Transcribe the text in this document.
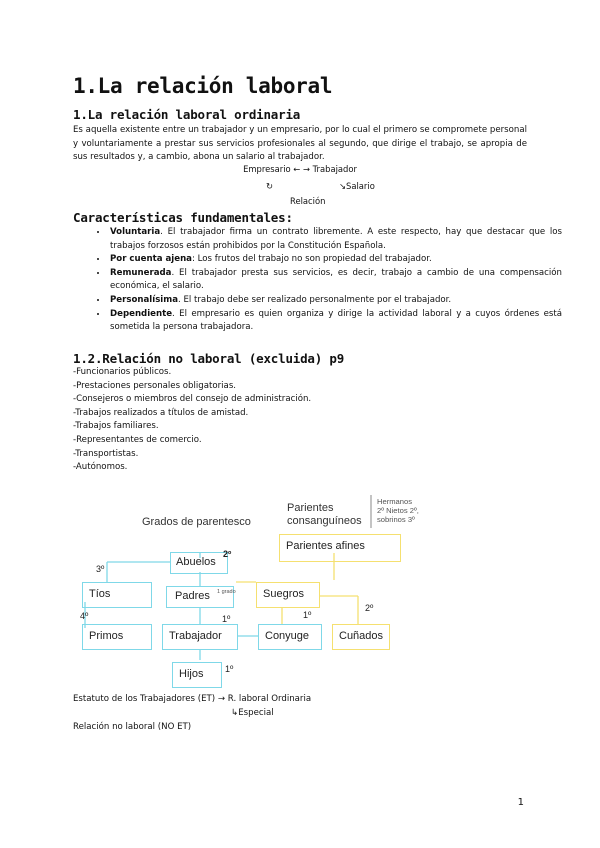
1.La relación laboral
1.La relación laboral ordinaria
Es aquella existente entre un trabajador y un empresario, por lo cual el primero se compromete personal y voluntariamente a prestar sus servicios profesionales al segundo, que dirige el trabajo, se apropia de sus resultados y, a cambio, abona un salario al trabajador.
Empresario ← → Trabajador
↻	↘Salario
Relación
Características fundamentales:
• Voluntaria. El trabajador firma un contrato libremente. A este respecto, hay que destacar que los trabajos forzosos están prohibidos por la Constitución Española.
• Por cuenta ajena: Los frutos del trabajo no son propiedad del trabajador.
• Remunerada. El trabajador presta sus servicios, es decir, trabajo a cambio de una compensación económica, el salario.
• Personalísima. El trabajo debe ser realizado personalmente por el trabajador.
• Dependiente. El empresario es quien organiza y dirige la actividad laboral y a cuyos órdenes está sometida la persona trabajadora.
1.2.Relación no laboral (excluida) p9
-Funcionarios públicos.
-Prestaciones personales obligatorias.
-Consejeros o miembros del consejo de administración.
-Trabajos realizados a títulos de amistad.
-Trabajos familiares.
-Representantes de comercio.
-Transportistas.
-Autónomos.
Grados de parentesco
Parientes consanguíneos
Hermanos
2º Nietos 2º,
sobrinos 3º
Parientes afines
Abuelos
2º
3º
Tíos	Padres	1 grado	Suegros
2º
1º
1º
4º
Primos	Trabajador	Conyuge	Cuñados
Hijos	1º
Estatuto de los Trabajadores (ET) → R. laboral Ordinaria
↳Especial
Relación no laboral (NO ET)
1
